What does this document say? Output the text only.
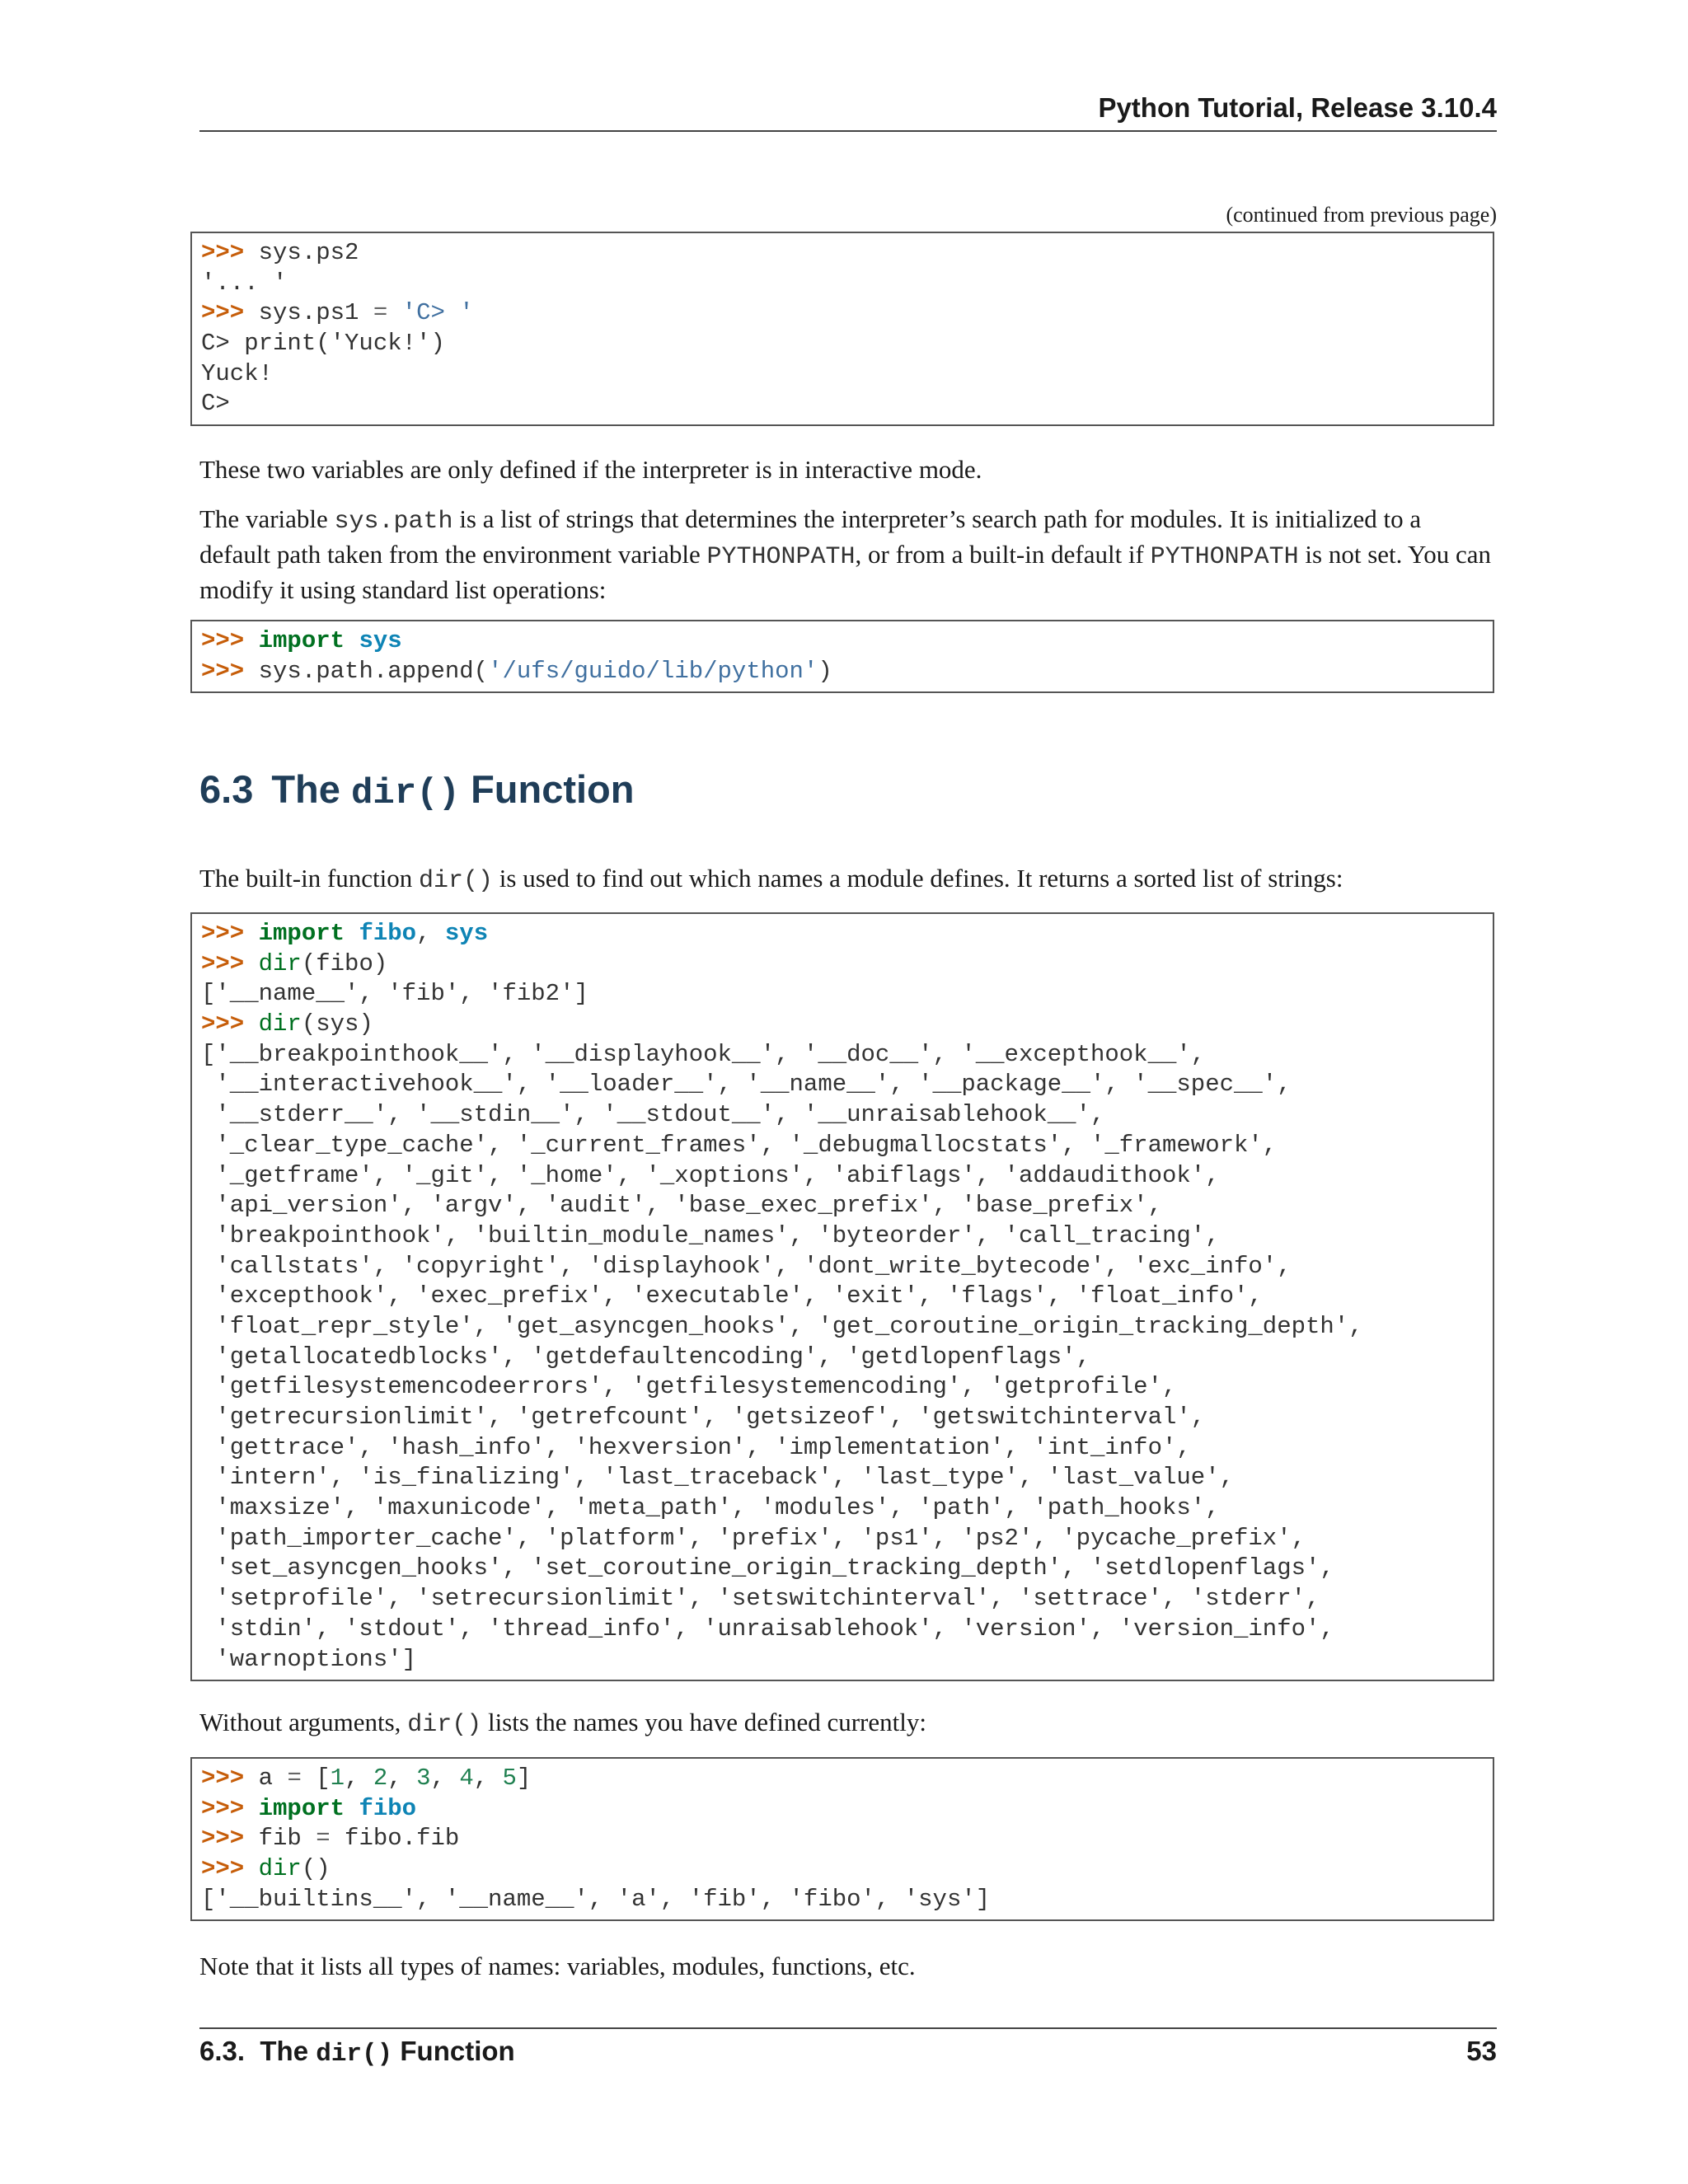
Python Tutorial, Release 3.10.4
(continued from previous page)
>>> sys.ps2
'... '
>>> sys.ps1 = 'C> '
C> print('Yuck!')
Yuck!
C>
These two variables are only defined if the interpreter is in interactive mode.
The variable sys.path is a list of strings that determines the interpreter’s search path for modules. It is initialized to a default path taken from the environment variable PYTHONPATH, or from a built-in default if PYTHONPATH is not set. You can modify it using standard list operations:
>>> import sys
>>> sys.path.append('/ufs/guido/lib/python')
6.3 The dir() Function
The built-in function dir() is used to find out which names a module defines. It returns a sorted list of strings:
>>> import fibo, sys
>>> dir(fibo)
['__name__', 'fib', 'fib2']
>>> dir(sys)
['__breakpointhook__', '__displayhook__', '__doc__', '__excepthook__',
'__interactivehook__', '__loader__', '__name__', '__package__', '__spec__',
'__stderr__', '__stdin__', '__stdout__', '__unraisablehook__',
'_clear_type_cache', '_current_frames', '_debugmallocstats', '_framework',
'_getframe', '_git', '_home', '_xoptions', 'abiflags', 'addaudithook',
'api_version', 'argv', 'audit', 'base_exec_prefix', 'base_prefix',
'breakpointhook', 'builtin_module_names', 'byteorder', 'call_tracing',
'callstats', 'copyright', 'displayhook', 'dont_write_bytecode', 'exc_info',
'excepthook', 'exec_prefix', 'executable', 'exit', 'flags', 'float_info',
'float_repr_style', 'get_asyncgen_hooks', 'get_coroutine_origin_tracking_depth',
'getallocatedblocks', 'getdefaultencoding', 'getdlopenflags',
'getfilesystemencodeerrors', 'getfilesystemencoding', 'getprofile',
'getrecursionlimit', 'getrefcount', 'getsizeof', 'getswitchinterval',
'gettrace', 'hash_info', 'hexversion', 'implementation', 'int_info',
'intern', 'is_finalizing', 'last_traceback', 'last_type', 'last_value',
'maxsize', 'maxunicode', 'meta_path', 'modules', 'path', 'path_hooks',
'path_importer_cache', 'platform', 'prefix', 'ps1', 'ps2', 'pycache_prefix',
'set_asyncgen_hooks', 'set_coroutine_origin_tracking_depth', 'setdlopenflags',
'setprofile', 'setrecursionlimit', 'setswitchinterval', 'settrace', 'stderr',
'stdin', 'stdout', 'thread_info', 'unraisablehook', 'version', 'version_info',
'warnoptions']
Without arguments, dir() lists the names you have defined currently:
>>> a = [1, 2, 3, 4, 5]
>>> import fibo
>>> fib = fibo.fib
>>> dir()
['__builtins__', '__name__', 'a', 'fib', 'fibo', 'sys']
Note that it lists all types of names: variables, modules, functions, etc.
6.3.  The dir() Function	53
